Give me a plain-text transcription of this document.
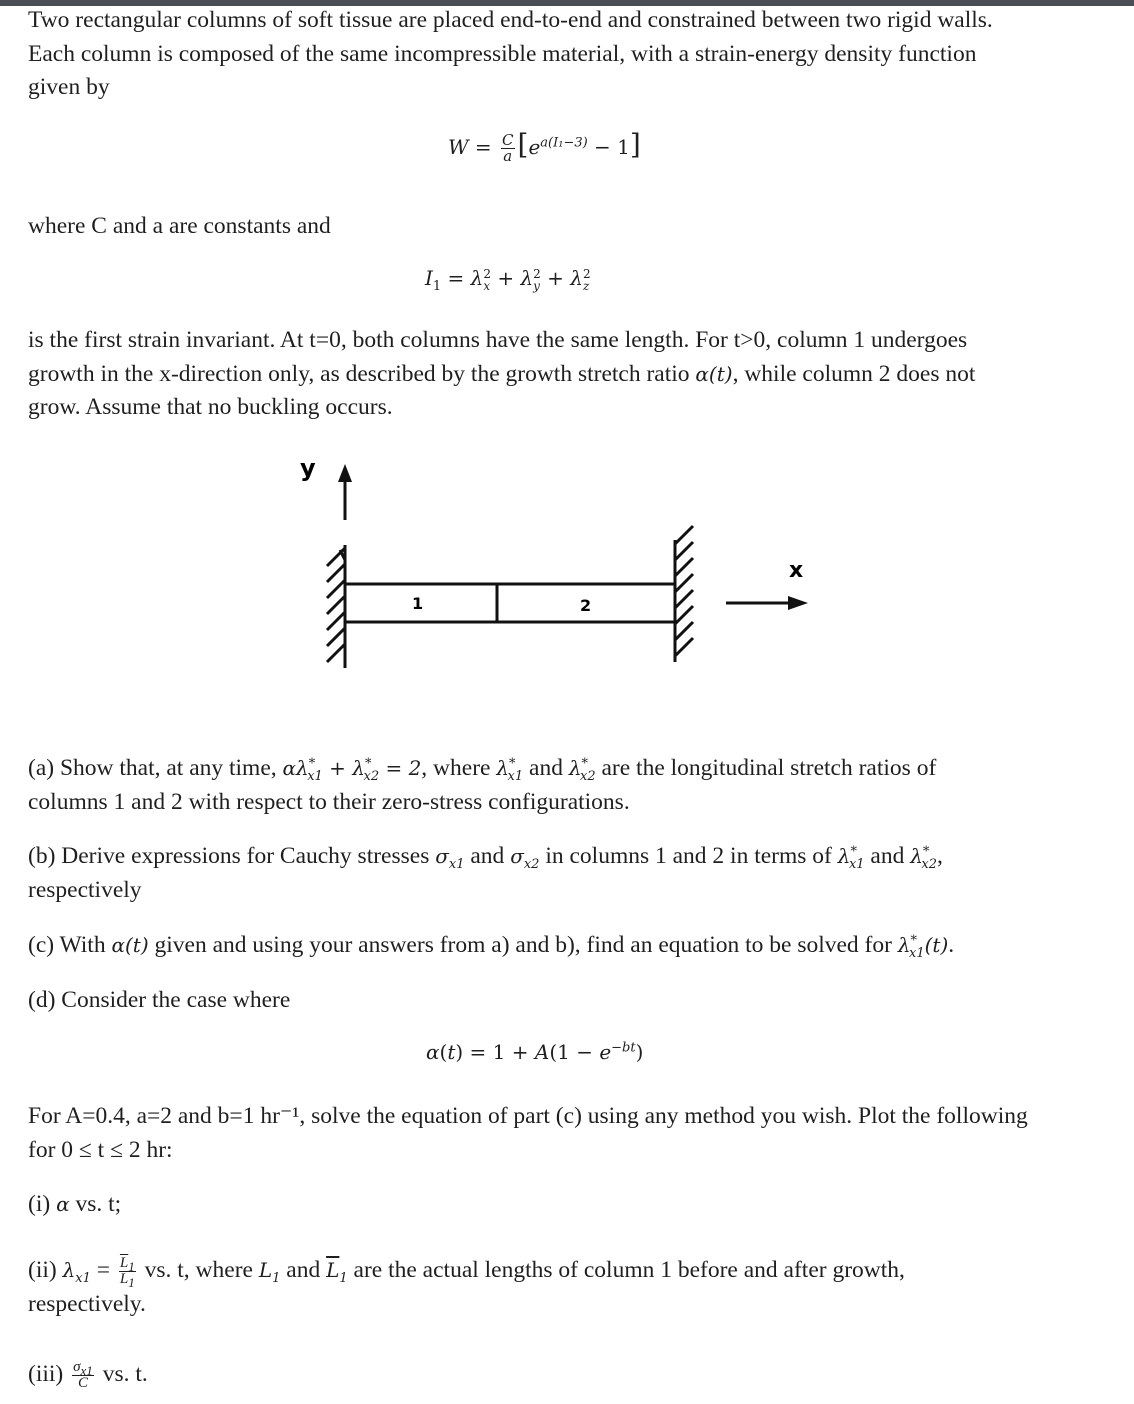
Two rectangular columns of soft tissue are placed end-to-end and constrained between two rigid walls.
Each column is composed of the same incompressible material, with a strain-energy density function
given by
$W = \frac{C}{a} [e^{a(I_1-3)} - 1]$
where C and a are constants and
$I_1 = \lambda$ 2
x + λ 2
y + λ 2
z
is the first strain invariant. At t=0, both columns have the same length. For t>0, column 1 undergoes
growth in the x-direction only, as described by the growth stretch ratio α(t), while column 2 does not
grow. Assume that no buckling occurs.
y
1	2
x
(a) Show that, at any time, $\alpha\lambda^*_{x1} + \lambda^*_{x2} = 2$, where $\lambda^*_{x1}$ and $\lambda^*_{x2}$ are the longitudinal stretch ratios of
columns 1 and 2 with respect to their zero-stress configurations.
(b) Derive expressions for Cauchy stresses $\sigma_{x1}$ and $\sigma_{x2}$ in columns 1 and 2 in terms of $\lambda^*_{x1}$ and $\lambda^*_{x2}$,
respectively
(c) With α(t) given and using your answers from a) and b), find an equation to be solved for $\lambda^*_{x1}(t)$.
(d) Consider the case where
$\alpha(t) = 1 + A(1 - e^{-bt})$
For A=0.4, a=2 and b=1 hr⁻¹, solve the equation of part (c) using any method you wish. Plot the following
for 0 ≤ t ≤ 2 hr:
(i) α vs. t;
(ii) $\lambda_{x1} = \frac{\overline{L}_1}{L_1}$ vs. t, where $L_1$ and $\overline{L}_1$ are the actual lengths of column 1 before and after growth,
respectively.
$(iii) \frac{\sigma_{x1}}{C}$ vs. t.
